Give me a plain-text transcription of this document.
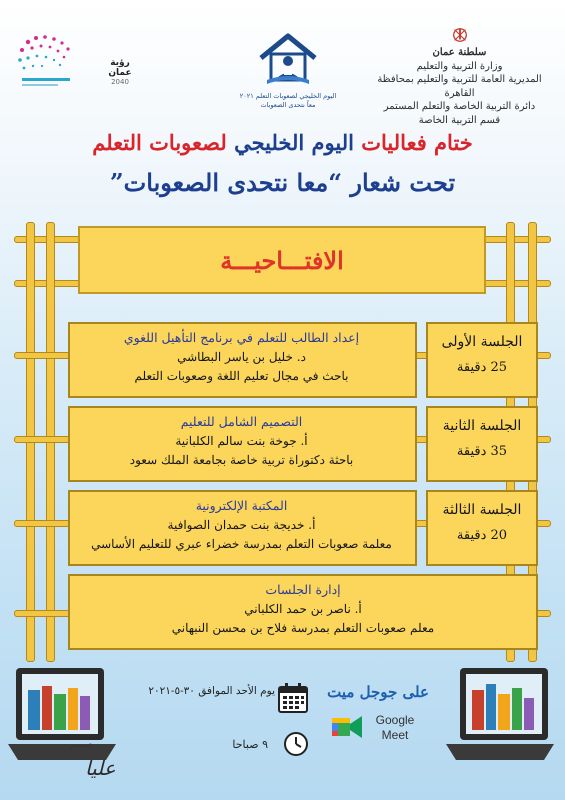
سلطنة عمان
وزارة التربية والتعليم
المديرية العامة للتربية والتعليم بمحافظة القاهرة
دائرة التربية الخاصة والتعلم المستمر
قسم التربية الخاصة
اليوم الخليجي لصعوبات التعلم ٢٠٢١
معاً نتحدى الصعوبات
رؤية عمان
2040
ختام فعاليات اليوم الخليجي لصعوبات التعلم
تحت شعار “معا نتحدى الصعوبات”
الافتـــاحيـــة
إعداد الطالب للتعلم في برنامج التأهيل اللغوي
د. خليل بن ياسر البطاشي
باحث في مجال تعليم اللغة وصعوبات التعلم
الجلسة الأولى
25 دقيقة
التصميم الشامل للتعليم
أ. جوخة بنت سالم الكلبانية
باحثة دكتوراة تربية خاصة بجامعة الملك سعود
الجلسة الثانية
35 دقيقة
المكتبة الإلكترونية
أ. خديجة بنت حمدان الصوافية
معلمة صعوبات التعلم بمدرسة خضراء عبري للتعليم الأساسي
الجلسة الثالثة
20 دقيقة
إدارة الجلسات
أ. ناصر بن حمد الكلباني
معلم صعوبات التعلم بمدرسة فلاح بن محسن النبهاني
على جوجل ميت
Google
Meet
يوم الأحد الموافق ٣٠-٥-٢٠٢١
٩ صباحا
تصميم
عليا
